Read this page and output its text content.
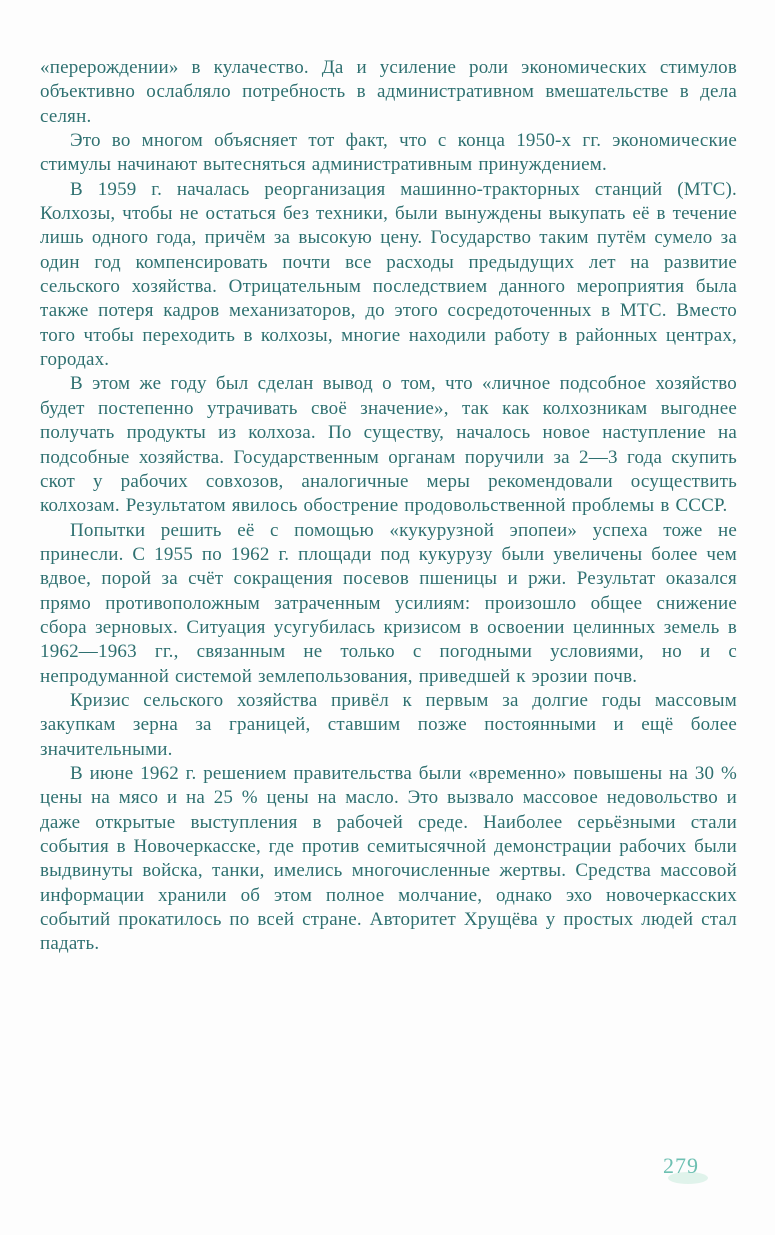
«перерождении» в кулачество. Да и усиление роли экономических стимулов объективно ослабляло потребность в административном вмешательстве в дела селян.

Это во многом объясняет тот факт, что с конца 1950-х гг. экономические стимулы начинают вытесняться административным принуждением.

В 1959 г. началась реорганизация машинно-тракторных станций (МТС). Колхозы, чтобы не остаться без техники, были вынуждены выкупать её в течение лишь одного года, причём за высокую цену. Государство таким путём сумело за один год компенсировать почти все расходы предыдущих лет на развитие сельского хозяйства. Отрицательным последствием данного мероприятия была также потеря кадров механизаторов, до этого сосредоточенных в МТС. Вместо того чтобы переходить в колхозы, многие находили работу в районных центрах, городах.

В этом же году был сделан вывод о том, что «личное подсобное хозяйство будет постепенно утрачивать своё значение», так как колхозникам выгоднее получать продукты из колхоза. По существу, началось новое наступление на подсобные хозяйства. Государственным органам поручили за 2—3 года скупить скот у рабочих совхозов, аналогичные меры рекомендовали осуществить колхозам. Результатом явилось обострение продовольственной проблемы в СССР.

Попытки решить её с помощью «кукурузной эпопеи» успеха тоже не принесли. С 1955 по 1962 г. площади под кукурузу были увеличены более чем вдвое, порой за счёт сокращения посевов пшеницы и ржи. Результат оказался прямо противоположным затраченным усилиям: произошло общее снижение сбора зерновых. Ситуация усугубилась кризисом в освоении целинных земель в 1962—1963 гг., связанным не только с погодными условиями, но и с непродуманной системой землепользования, приведшей к эрозии почв.

Кризис сельского хозяйства привёл к первым за долгие годы массовым закупкам зерна за границей, ставшим позже постоянными и ещё более значительными.

В июне 1962 г. решением правительства были «временно» повышены на 30 % цены на мясо и на 25 % цены на масло. Это вызвало массовое недовольство и даже открытые выступления в рабочей среде. Наиболее серьёзными стали события в Новочеркасске, где против семитысячной демонстрации рабочих были выдвинуты войска, танки, имелись многочисленные жертвы. Средства массовой информации хранили об этом полное молчание, однако эхо новочеркасских событий прокатилось по всей стране. Авторитет Хрущёва у простых людей стал падать.

279
